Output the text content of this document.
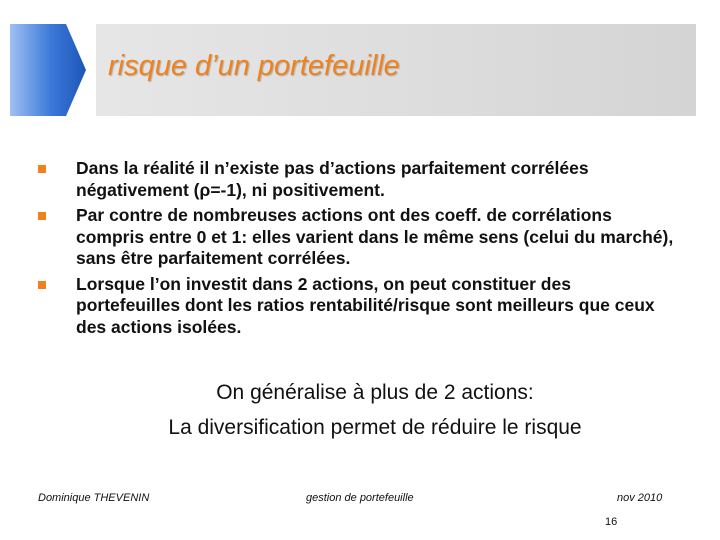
risque d’un portefeuille
Dans la réalité il n’existe pas d’actions parfaitement corrélées négativement (ρ=-1), ni positivement.
Par contre de nombreuses actions ont des coeff. de corrélations compris entre 0 et 1: elles varient dans le même sens (celui du marché), sans être parfaitement corrélées.
Lorsque l’on investit dans 2 actions, on peut constituer des portefeuilles dont les ratios rentabilité/risque sont meilleurs que ceux des actions isolées.
On généralise à plus de 2 actions:
La diversification permet de réduire le risque
Dominique THEVENIN	gestion de portefeuille	nov 2010
16
